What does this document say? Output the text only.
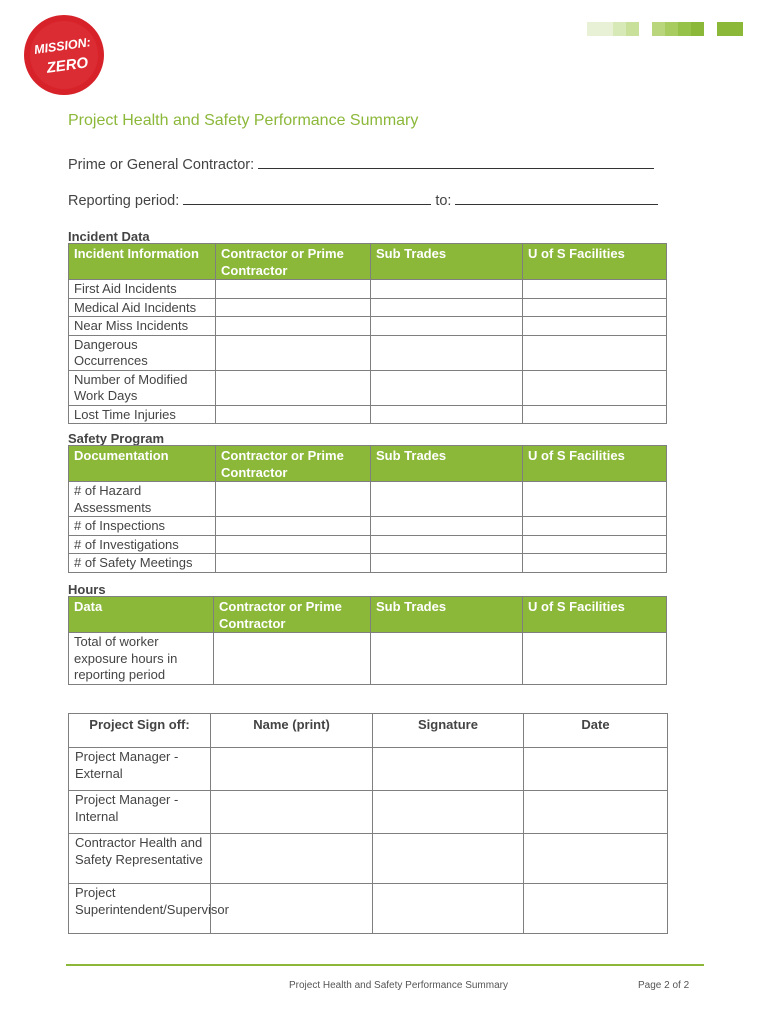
MISSION:
ZERO
Project Health and Safety Performance Summary
Prime or General Contractor:
Reporting period:	to:
Incident Data
Incident Information	Contractor or Prime Contractor	Sub Trades	U of S Facilities
First Aid Incidents			
Medical Aid Incidents			
Near Miss Incidents			
Dangerous Occurrences			
Number of Modified Work Days			
Lost Time Injuries			
Safety Program
Documentation	Contractor or Prime Contractor	Sub Trades	U of S Facilities
# of Hazard Assessments			
# of Inspections			
# of Investigations			
# of Safety Meetings			
Hours
Data	Contractor or Prime Contractor	Sub Trades	U of S Facilities
Total of worker exposure hours in reporting period			
Project Sign off:	Name (print)	Signature	Date
Project Manager - External			
Project Manager - Internal			
Contractor Health and Safety Representative			
Project Superintendent/Supervisor			
Project Health and Safety Performance Summary	Page 2 of 2
